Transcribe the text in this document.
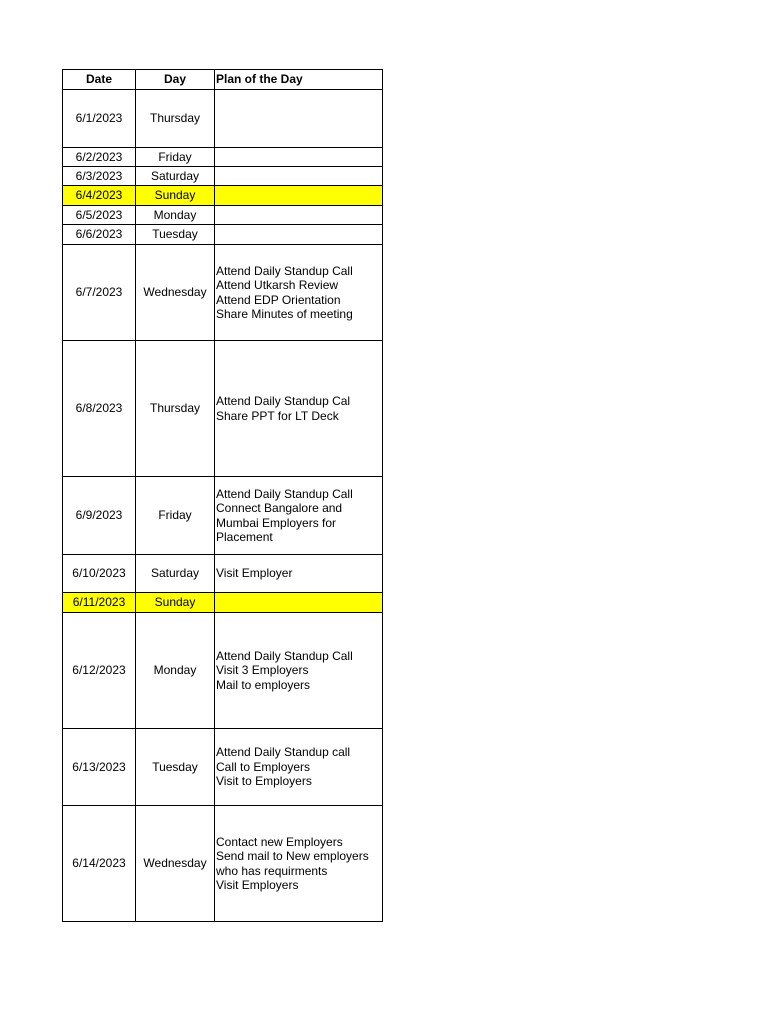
Date	Day	Plan of the Day
6/1/2023	Thursday	
6/2/2023	Friday	
6/3/2023	Saturday	
6/4/2023	Sunday	
6/5/2023	Monday	
6/6/2023	Tuesday	
6/7/2023	Wednesday	Attend Daily Standup Call
Attend Utkarsh Review
Attend EDP Orientation
Share Minutes of meeting

6/8/2023	Thursday	Attend Daily Standup Cal
Share PPT for LT Deck

6/9/2023	Friday	Attend Daily Standup Call
Connect Bangalore and
Mumbai Employers for
Placement

6/10/2023	Saturday	Visit Employer

6/11/2023	Sunday	
6/12/2023	Monday	Attend Daily Standup Call
Visit 3 Employers
Mail to employers

6/13/2023	Tuesday	Attend Daily Standup call
Call to Employers
Visit to Employers

6/14/2023	Wednesday	Contact new Employers
Send mail to New employers
who has requirments
Visit Employers
